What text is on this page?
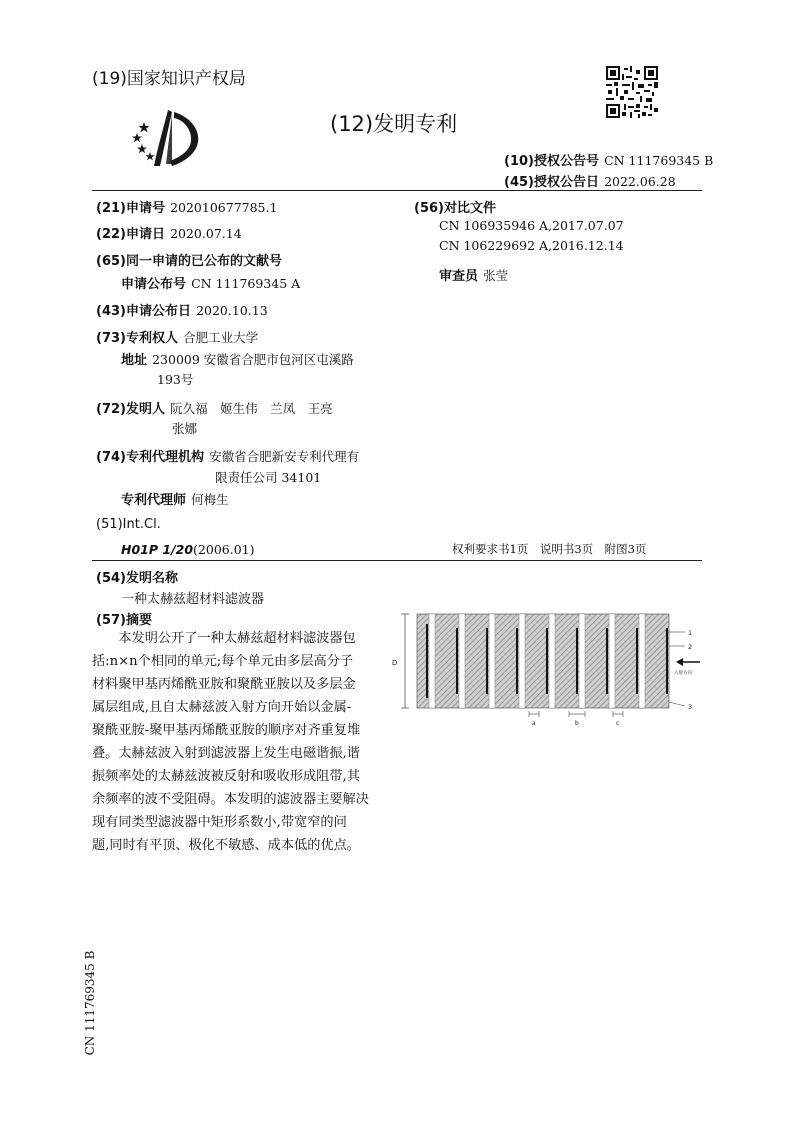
(19)国家知识产权局
(12)发明专利
(10)授权公告号 CN 111769345 B
(45)授权公告日 2022.06.28
(21)申请号 202010677785.1
(22)申请日 2020.07.14
(65)同一申请的已公布的文献号
申请公布号 CN 111769345 A
(43)申请公布日 2020.10.13
(73)专利权人 合肥工业大学
地址 230009 安徽省合肥市包河区屯溪路
193号
(72)发明人 阮久福　姬生伟　兰凤　王亮
张娜
(74)专利代理机构 安徽省合肥新安专利代理有
限责任公司 34101
专利代理师 何梅生
(51)Int.Cl.
H01P 1/20(2006.01)
(56)对比文件
CN 106935946 A,2017.07.07
CN 106229692 A,2016.12.14
审查员 张莹
权利要求书1页　说明书3页　附图3页
(54)发明名称
一种太赫兹超材料滤波器
(57)摘要
　　本发明公开了一种太赫兹超材料滤波器包
括:n×n个相同的单元;每个单元由多层高分子
材料聚甲基丙烯酰亚胺和聚酰亚胺以及多层金
属层组成,且自太赫兹波入射方向开始以金属-
聚酰亚胺-聚甲基丙烯酰亚胺的顺序对齐重复堆
叠。太赫兹波入射到滤波器上发生电磁谐振,谐
振频率处的太赫兹波被反射和吸收形成阻带,其
余频率的波不受阻碍。本发明的滤波器主要解决
现有同类型滤波器中矩形系数小,带宽窄的问
题,同时有平顶、极化不敏感、成本低的优点。
D
1
2
3
入射方向
a	b	c
CN 111769345 B
